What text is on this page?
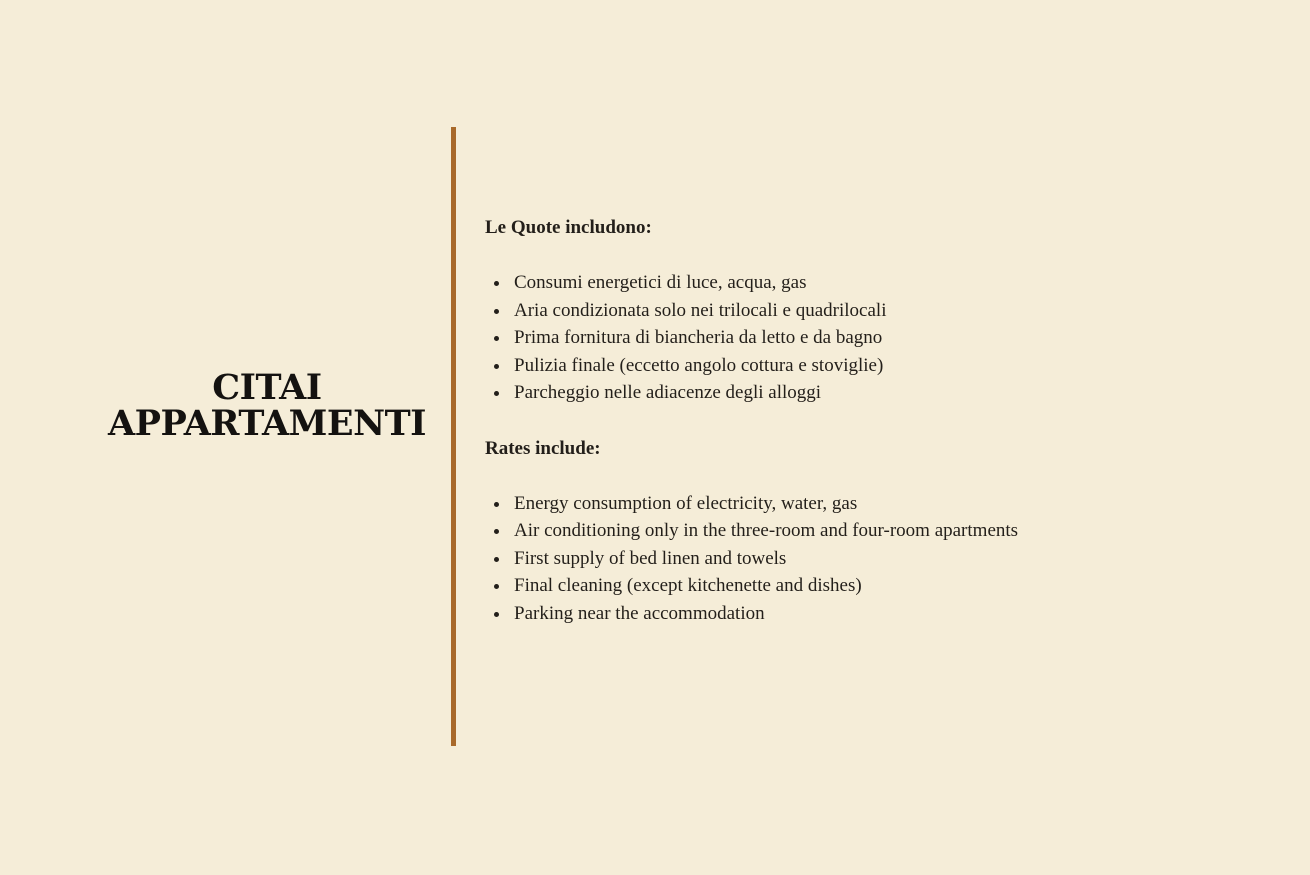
CITAI
APPARTAMENTI

Le Quote includono:

Consumi energetici di luce, acqua, gas
Aria condizionata solo nei trilocali e quadrilocali
Prima fornitura di biancheria da letto e da bagno
Pulizia finale (eccetto angolo cottura e stoviglie)
Parcheggio nelle adiacenze degli alloggi

Rates include:

Energy consumption of electricity, water, gas
Air conditioning only in the three-room and four-room apartments
First supply of bed linen and towels
Final cleaning (except kitchenette and dishes)
Parking near the accommodation
